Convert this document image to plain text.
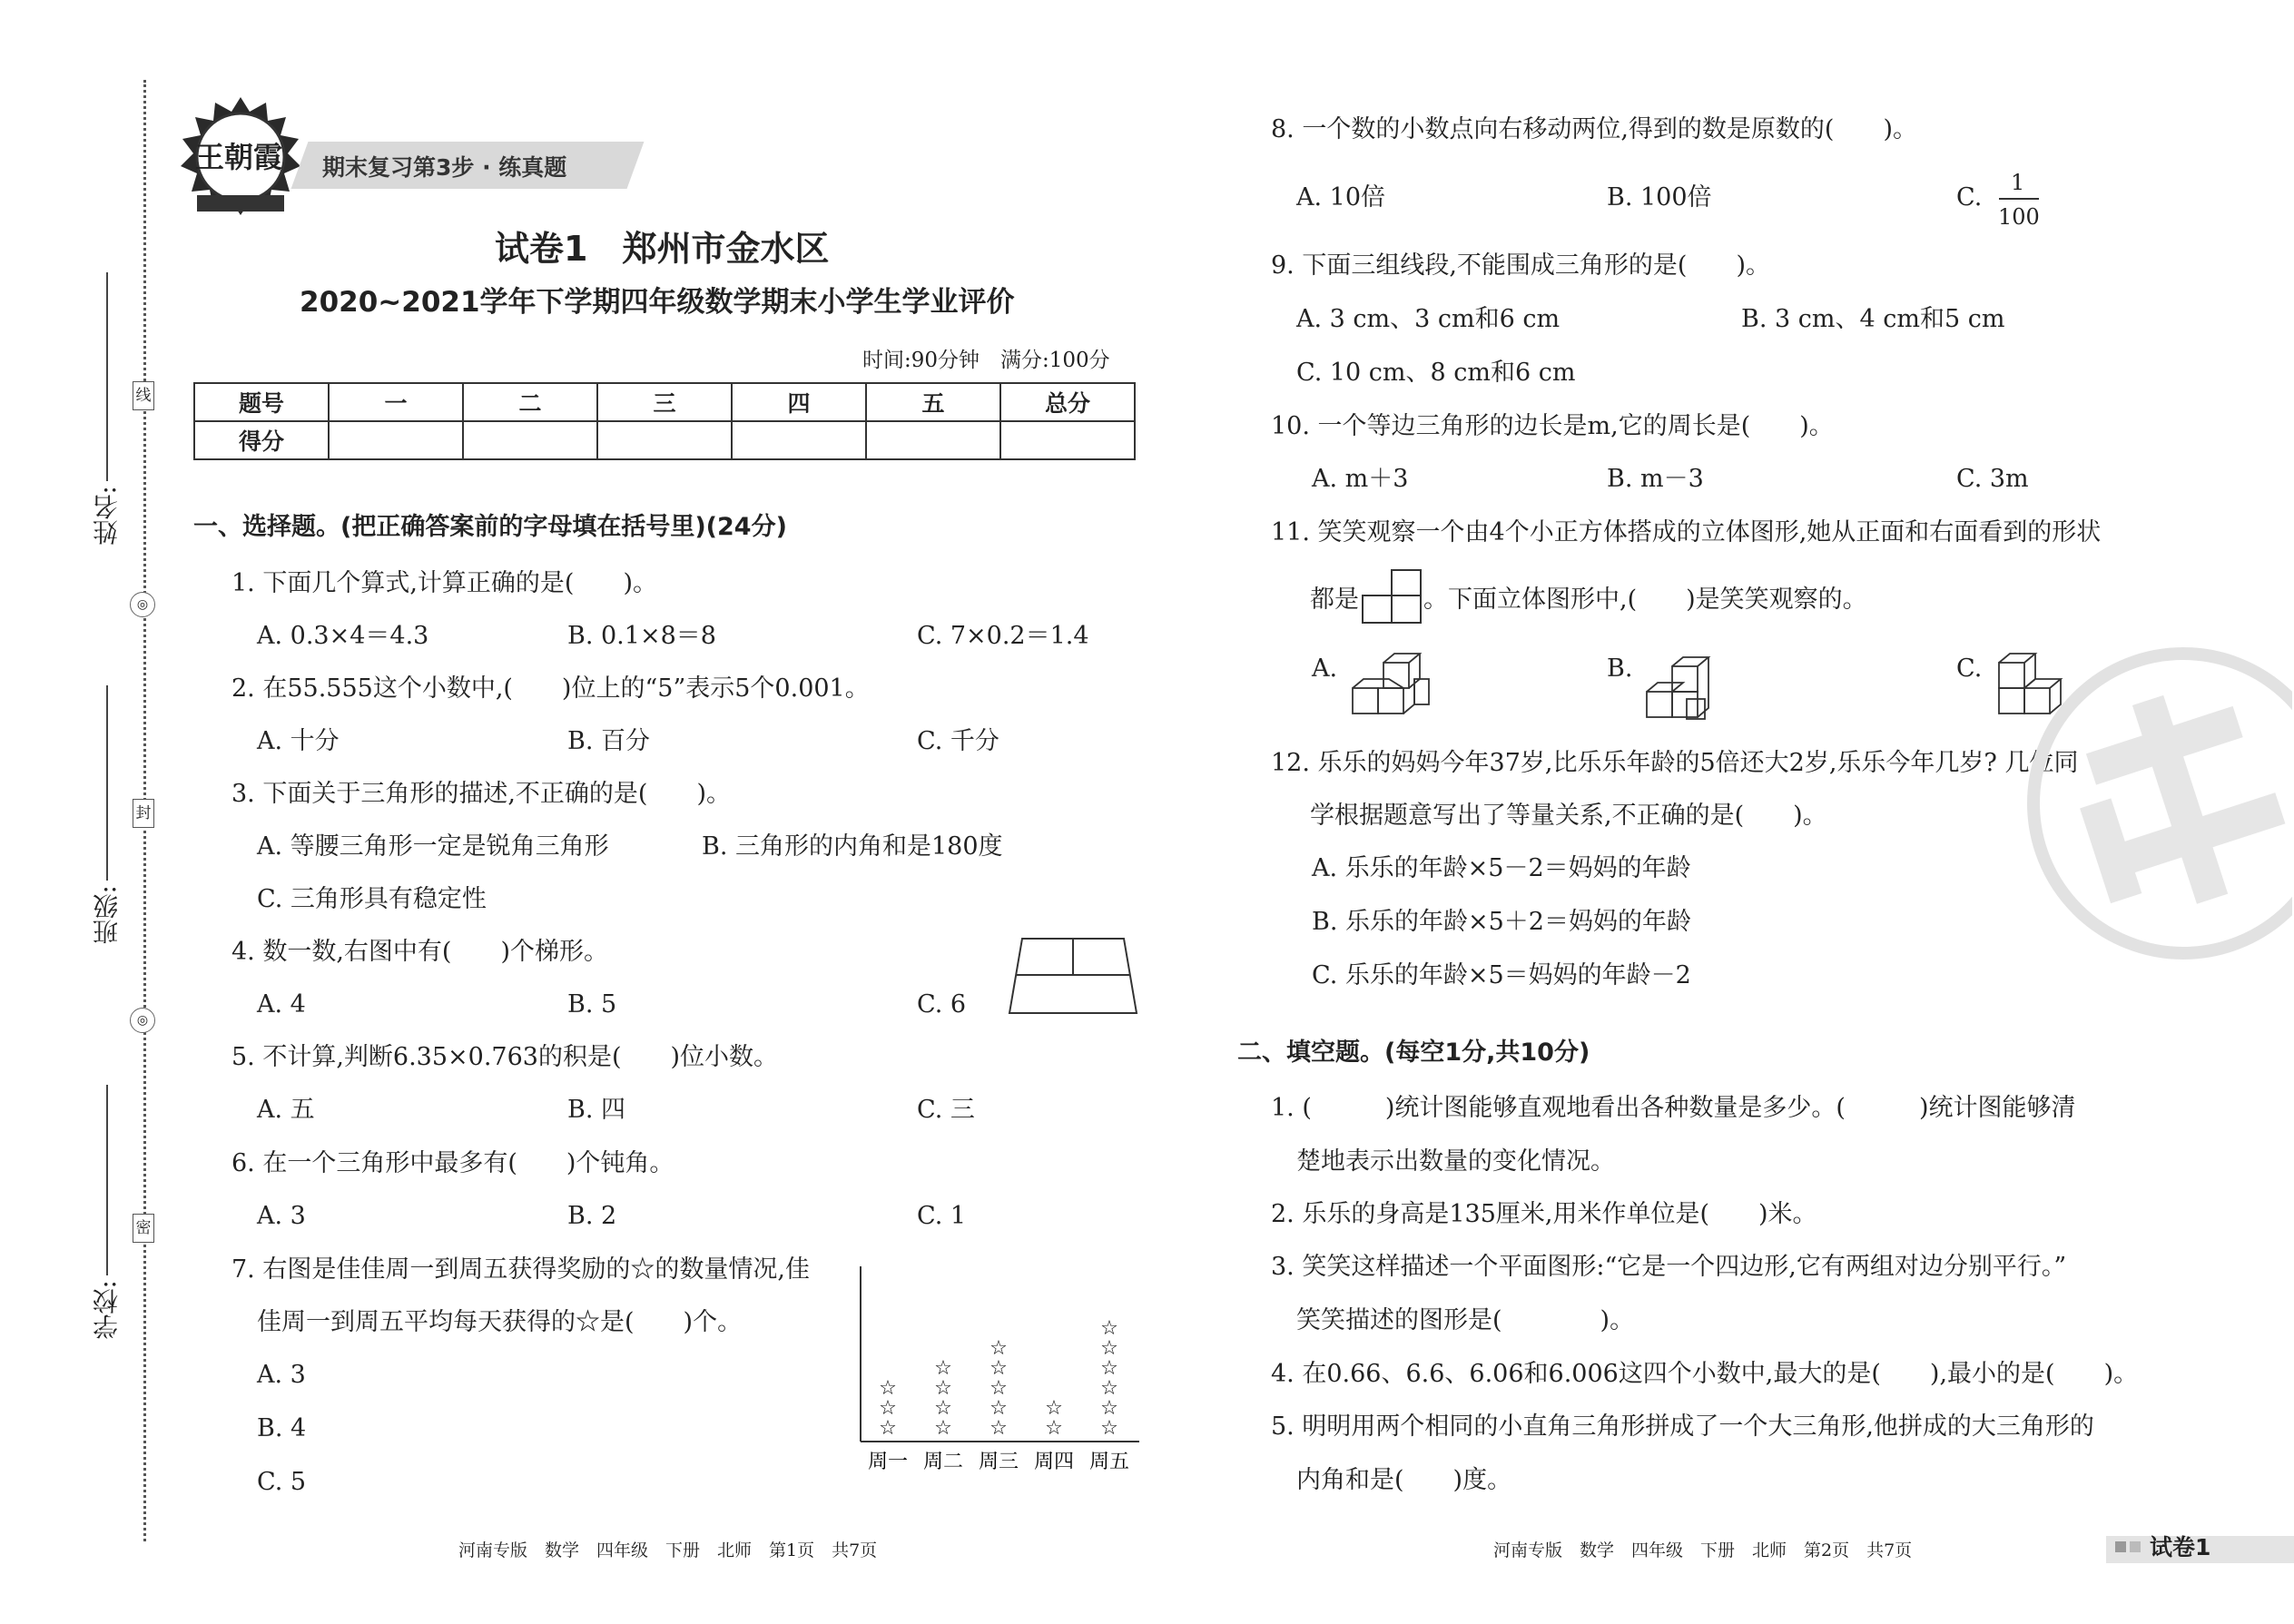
姓名:
班级:
学校:
线
◎
封
◎
密
王朝霞 期末复习第3步 · 练真题
试卷1　郑州市金水区
2020~2021学年下学期四年级数学期末小学生学业评价
时间:90分钟　满分:100分
题号	一	二	三	四	五	总分
得分						
一、选择题。(把正确答案前的字母填在括号里)(24分)
1. 下面几个算式,计算正确的是(　　)。
A. 0.3×4＝4.3	B. 0.1×8＝8	C. 7×0.2＝1.4
2. 在55.555这个小数中,(　　)位上的“5”表示5个0.001。
A. 十分	B. 百分	C. 千分
3. 下面关于三角形的描述,不正确的是(　　)。
A. 等腰三角形一定是锐角三角形	B. 三角形的内角和是180度
C. 三角形具有稳定性
4. 数一数,右图中有(　　)个梯形。
A. 4	B. 5	C. 6
5. 不计算,判断6.35×0.763的积是(　　)位小数。
A. 五	B. 四	C. 三
6. 在一个三角形中最多有(　　)个钝角。
A. 3	B. 2	C. 1
7. 右图是佳佳周一到周五获得奖励的☆的数量情况,佳
佳周一到周五平均每天获得的☆是(　　)个。
A. 3
B. 4
C. 5
☆
☆
☆
☆
☆
☆
☆
☆
☆
☆
☆
☆
☆
☆
☆
☆
☆
☆
☆
☆
周一 周二 周三 周四 周五
8. 一个数的小数点向右移动两位,得到的数是原数的(　　)。
A. 10倍	B. 100倍	C.
1
100
9. 下面三组线段,不能围成三角形的是(　　)。
A. 3 cm、3 cm和6 cm	B. 3 cm、4 cm和5 cm
C. 10 cm、8 cm和6 cm
10. 一个等边三角形的边长是m,它的周长是(　　)。
A. m＋3	B. m－3	C. 3m
11. 笑笑观察一个由4个小正方体搭成的立体图形,她从正面和右面看到的形状
都是	。下面立体图形中,(　　)是笑笑观察的。
A.	B.	C.
12. 乐乐的妈妈今年37岁,比乐乐年龄的5倍还大2岁,乐乐今年几岁? 几位同
学根据题意写出了等量关系,不正确的是(　　)。
A. 乐乐的年龄×5－2＝妈妈的年龄
B. 乐乐的年龄×5＋2＝妈妈的年龄
C. 乐乐的年龄×5＝妈妈的年龄－2
二、填空题。(每空1分,共10分)
1. (　　　)统计图能够直观地看出各种数量是多少。(　　　)统计图能够清
楚地表示出数量的变化情况。
2. 乐乐的身高是135厘米,用米作单位是(　　)米。
3. 笑笑这样描述一个平面图形:“它是一个四边形,它有两组对边分别平行。”
笑笑描述的图形是(　　　　)。
4. 在0.66、6.6、6.06和6.006这四个小数中,最大的是(　　),最小的是(　　)。
5. 明明用两个相同的小直角三角形拼成了一个大三角形,他拼成的大三角形的
内角和是(　　)度。
河南专版　数学　四年级　下册　北师　第1页　共7页	河南专版　数学　四年级　下册　北师　第2页　共7页	试卷1
